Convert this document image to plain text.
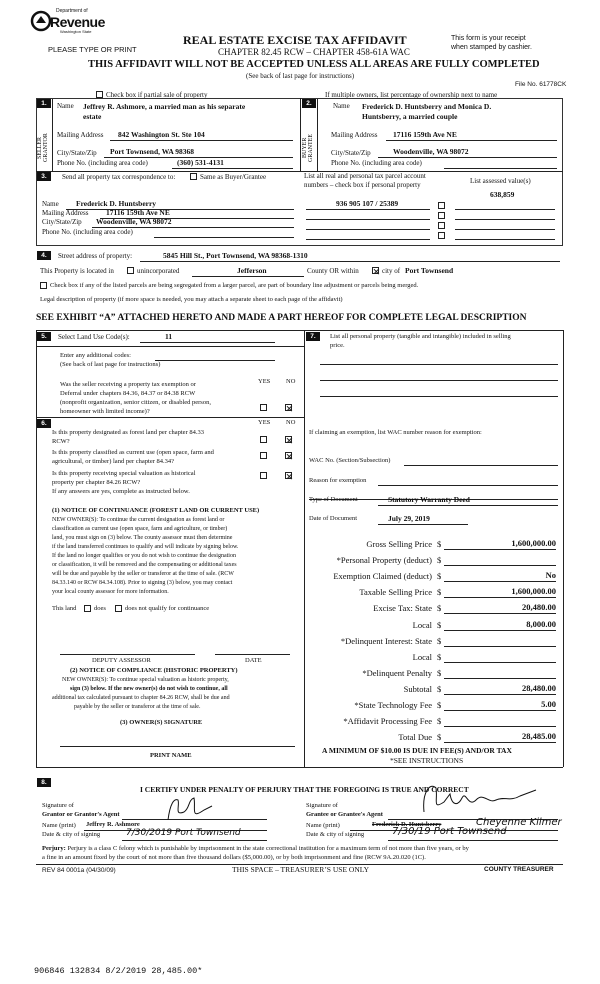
Department of
Revenue
Washington State
PLEASE TYPE OR PRINT
REAL ESTATE EXCISE TAX AFFIDAVIT
CHAPTER 82.45 RCW – CHAPTER 458-61A WAC
This form is your receipt
when stamped by cashier.
THIS AFFIDAVIT WILL NOT BE ACCEPTED UNLESS ALL AREAS ARE FULLY COMPLETED
(See back of last page for instructions)
File No. 61778CK
Check box if partial sale of property	If multiple owners, list percentage of ownership next to name
1.
SELLER GRANTOR
Name Jeffrey R. Ashmore, a married man as his separate
estate
Mailing Address 842 Washington St. Ste 104
City/State/Zip Port Townsend, WA 98368
Phone No. (including area code)	(360) 531-4131
2.
BUYER GRANTEE
Name Frederick D. Huntsberry and Monica D.
Huntsberry, a married couple
Mailing Address 17116 159th Ave NE
City/State/Zip	Woodenville, WA 98072
Phone No. (including area code)
3.	Send all property tax correspondence to:	Same as Buyer/Grantee
Name Frederick D. Huntsberry
Mailing Address 17116 159th Ave NE
City/State/Zip Woodenville, WA 98072
Phone No. (including area code)
List all real and personal tax parcel account
numbers – check box if personal property	List assessed value(s)
638,859
936 905 107 / 25389
4.	Street address of property:	5845 Hill St., Port Townsend, WA 98368-1310
This Property is located in	unincorporated	Jefferson	County OR within	city of Port Townsend
Check box if any of the listed parcels are being segregated from a larger parcel, are part of boundary line adjustment or parcels being merged.
Legal description of property (if more space is needed, you may attach a separate sheet to each page of the affidavit)
SEE EXHIBIT “A” ATTACHED HERETO AND MADE A PART HEREOF FOR COMPLETE LEGAL DESCRIPTION
5.	Select Land Use Code(s):	11
Enter any additional codes:
(See back of last page for instructions)
YES NO
Was the seller receiving a property tax exemption or
Deferral under chapters 84.36, 84.37 or 84.38 RCW
(nonprofit organization, senior citizen, or disabled person,
homeowner with limited income)?
6.	YES NO
Is this property designated as forest land per chapter 84.33
RCW?
Is this property classified as current use (open space, farm and
agricultural, or timber) land per chapter 84.34?
Is this property receiving special valuation as historical
property per chapter 84.26 RCW?
If any answers are yes, complete as instructed below.
(1) NOTICE OF CONTINUANCE (FOREST LAND OR CURRENT USE)
NEW OWNER(S): To continue the current designation as forest land or
classification as current use (open space, farm and agriculture, or timber)
land, you must sign on (3) below. The county assessor must then determine
if the land transferred continues to qualify and will indicate by signing below.
If the land no longer qualifies or you do not wish to continue the designation
or classification, it will be removed and the compensating or additional taxes
will be due and payable by the seller or transferor at the time of sale. (RCW
84.33.140 or RCW 84.34.108). Prior to signing (3) below, you may contact
your local county assessor for more information.
This land	does	does not qualify for continuance
DEPUTY ASSESSOR	DATE
(2) NOTICE OF COMPLIANCE (HISTORIC PROPERTY)
NEW OWNER(S): To continue special valuation as historic property,
sign (3) below. If the new owner(s) do not wish to continue, all
additional tax calculated pursuant to chapter 84.26 RCW, shall be due and
payable by the seller or transferor at the time of sale.
(3) OWNER(S) SIGNATURE
PRINT NAME
7.	List all personal property (tangible and intangible) included in selling
price.
If claiming an exemption, list WAC number reason for exemption:
WAC No. (Section/Subsection)
Reason for exemption
Type of Document	Statutory Warranty Deed
Date of Document	July 29, 2019
Gross Selling Price $	1,600,000.00
*Personal Property (deduct) $
Exemption Claimed (deduct) $	No
Taxable Selling Price $	1,600,000.00
Excise Tax: State $	20,480.00
Local $	8,000.00
*Delinquent Interest: State $
Local $
*Delinquent Penalty $
Subtotal $	28,480.00
*State Technology Fee $	5.00
*Affidavit Processing Fee $
Total Due $	28,485.00
A MINIMUM OF $10.00 IS DUE IN FEE(S) AND/OR TAX
*SEE INSTRUCTIONS
8.
I CERTIFY UNDER PENALTY OF PERJURY THAT THE FOREGOING IS TRUE AND CORRECT
Signature of
Grantor or Grantor's Agent
Name (print) Jeffrey R. Ashmore
Date & city of signing	7/30/2019 Port Townsend
Signature of
Grantee or Grantee's Agent
Name (print)	Frederick D. Huntsberry	Cheyenne Kilmer
Date & city of signing	7/30/19 Port Townsend
Perjury: Perjury is a class C felony which is punishable by imprisonment in the state correctional institution for a maximum term of not more than five years, or by
a fine in an amount fixed by the court of not more than five thousand dollars ($5,000.00), or by both imprisonment and fine (RCW 9A.20.020 (1C).
REV 84 0001a (04/30/09)	THIS SPACE – TREASURER’S USE ONLY	COUNTY TREASURER
906846 132834 8/2/2019 28,485.00*
